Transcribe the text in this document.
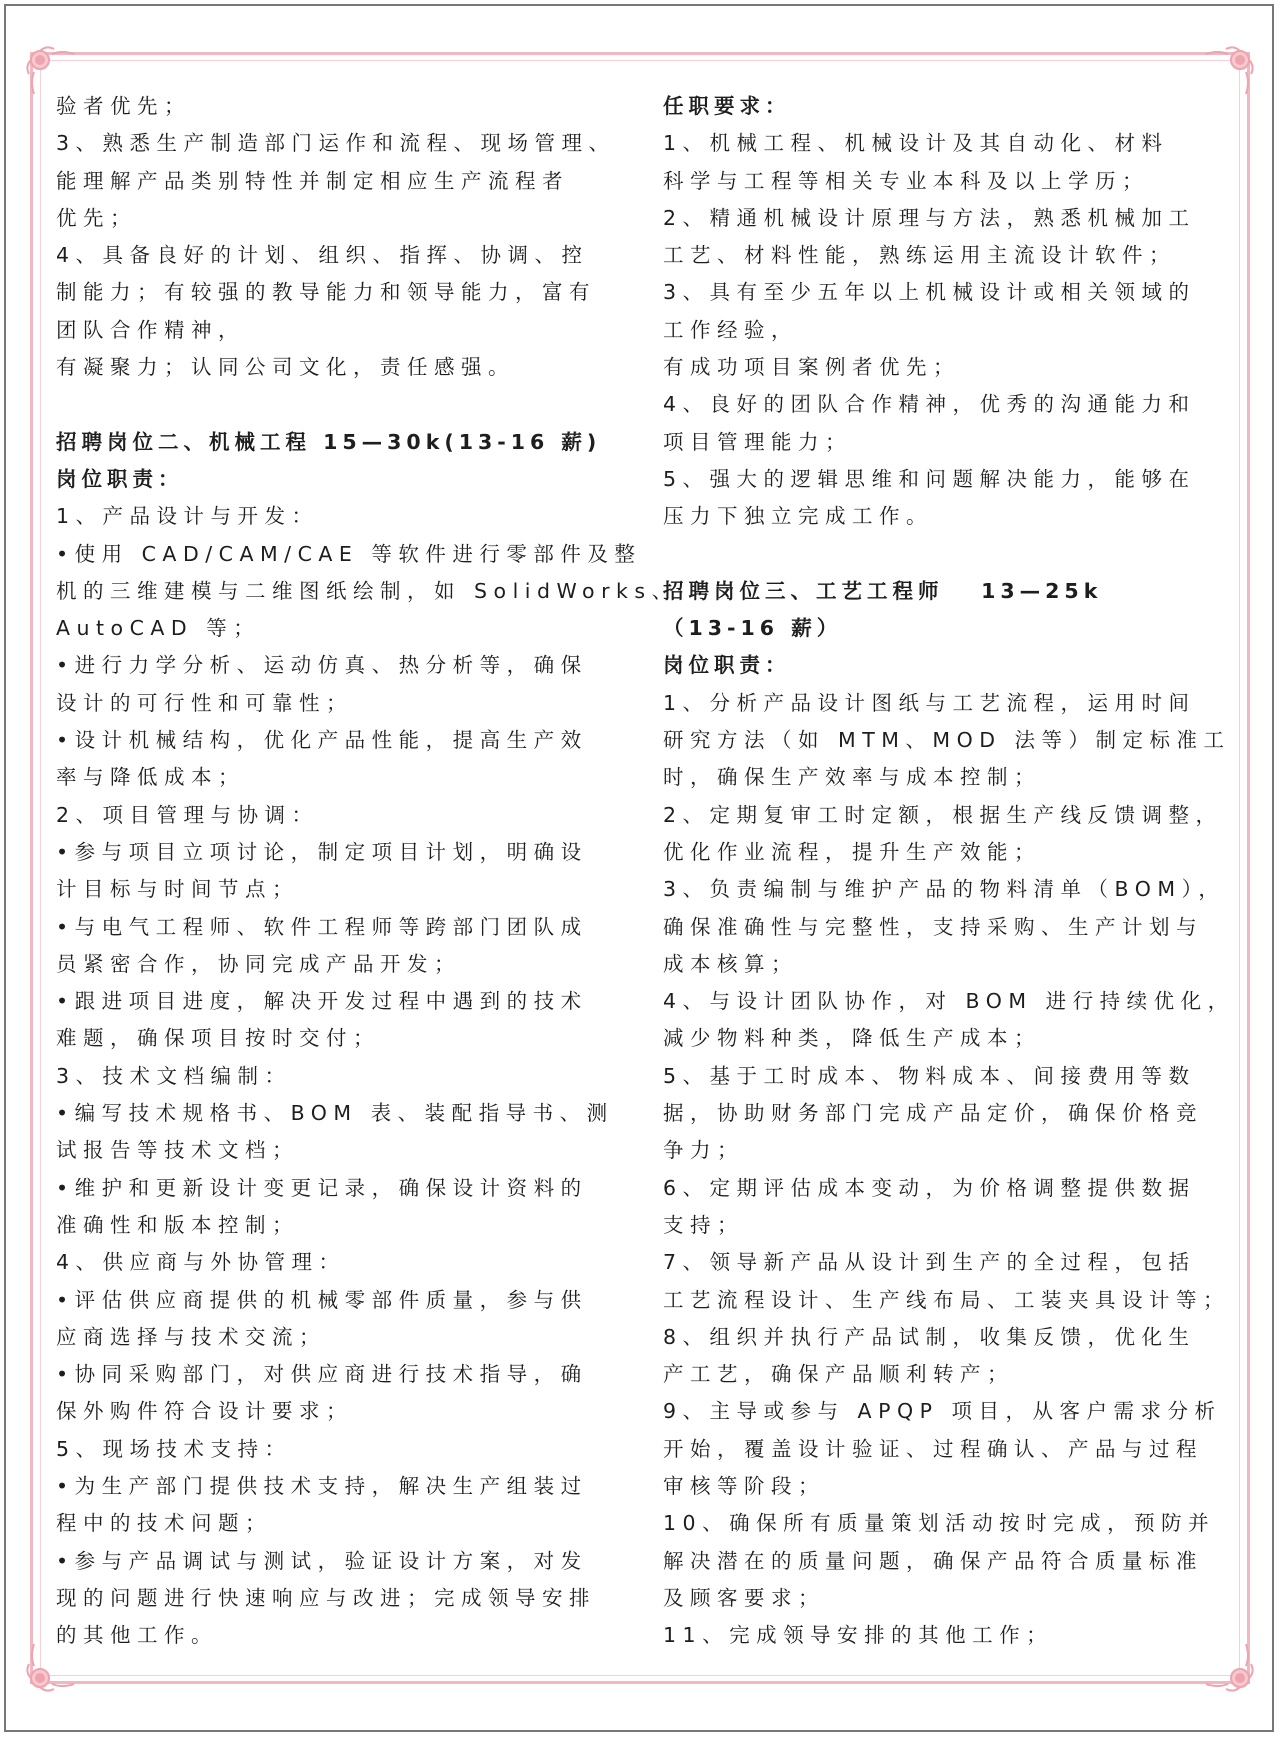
验者优先；
3、熟悉生产制造部门运作和流程、现场管理、
能理解产品类别特性并制定相应生产流程者
优先；
4、具备良好的计划、组织、指挥、协调、控
制能力；有较强的教导能力和领导能力，富有
团队合作精神，
有凝聚力；认同公司文化，责任感强。
招聘岗位二、机械工程 15—30k(13-16 薪)
岗位职责：
1、产品设计与开发：
•使用 CAD/CAM/CAE 等软件进行零部件及整
机的三维建模与二维图纸绘制，如 SolidWorks、
AutoCAD 等；
•进行力学分析、运动仿真、热分析等，确保
设计的可行性和可靠性；
•设计机械结构，优化产品性能，提高生产效
率与降低成本；
2、项目管理与协调：
•参与项目立项讨论，制定项目计划，明确设
计目标与时间节点；
•与电气工程师、软件工程师等跨部门团队成
员紧密合作，协同完成产品开发；
•跟进项目进度，解决开发过程中遇到的技术
难题，确保项目按时交付；
3、技术文档编制：
•编写技术规格书、BOM 表、装配指导书、测
试报告等技术文档；
•维护和更新设计变更记录，确保设计资料的
准确性和版本控制；
4、供应商与外协管理：
•评估供应商提供的机械零部件质量，参与供
应商选择与技术交流；
•协同采购部门，对供应商进行技术指导，确
保外购件符合设计要求；
5、现场技术支持：
•为生产部门提供技术支持，解决生产组装过
程中的技术问题；
•参与产品调试与测试，验证设计方案，对发
现的问题进行快速响应与改进；完成领导安排
的其他工作。
任职要求：
1、机械工程、机械设计及其自动化、材料
科学与工程等相关专业本科及以上学历；
2、精通机械设计原理与方法，熟悉机械加工
工艺、材料性能，熟练运用主流设计软件；
3、具有至少五年以上机械设计或相关领域的
工作经验，
有成功项目案例者优先；
4、良好的团队合作精神，优秀的沟通能力和
项目管理能力；
5、强大的逻辑思维和问题解决能力，能够在
压力下独立完成工作。
招聘岗位三、工艺工程师　 13—25k
（13-16 薪）
岗位职责：
1、分析产品设计图纸与工艺流程，运用时间
研究方法（如 MTM、MOD 法等）制定标准工
时，确保生产效率与成本控制；
2、定期复审工时定额，根据生产线反馈调整，
优化作业流程，提升生产效能；
3、负责编制与维护产品的物料清单（BOM），
确保准确性与完整性，支持采购、生产计划与
成本核算；
4、与设计团队协作，对 BOM 进行持续优化，
减少物料种类，降低生产成本；
5、基于工时成本、物料成本、间接费用等数
据，协助财务部门完成产品定价，确保价格竞
争力；
6、定期评估成本变动，为价格调整提供数据
支持；
7、领导新产品从设计到生产的全过程，包括
工艺流程设计、生产线布局、工装夹具设计等；
8、组织并执行产品试制，收集反馈，优化生
产工艺，确保产品顺利转产；
9、主导或参与 APQP 项目，从客户需求分析
开始，覆盖设计验证、过程确认、产品与过程
审核等阶段；
10、确保所有质量策划活动按时完成，预防并
解决潜在的质量问题，确保产品符合质量标准
及顾客要求；
11、完成领导安排的其他工作；
